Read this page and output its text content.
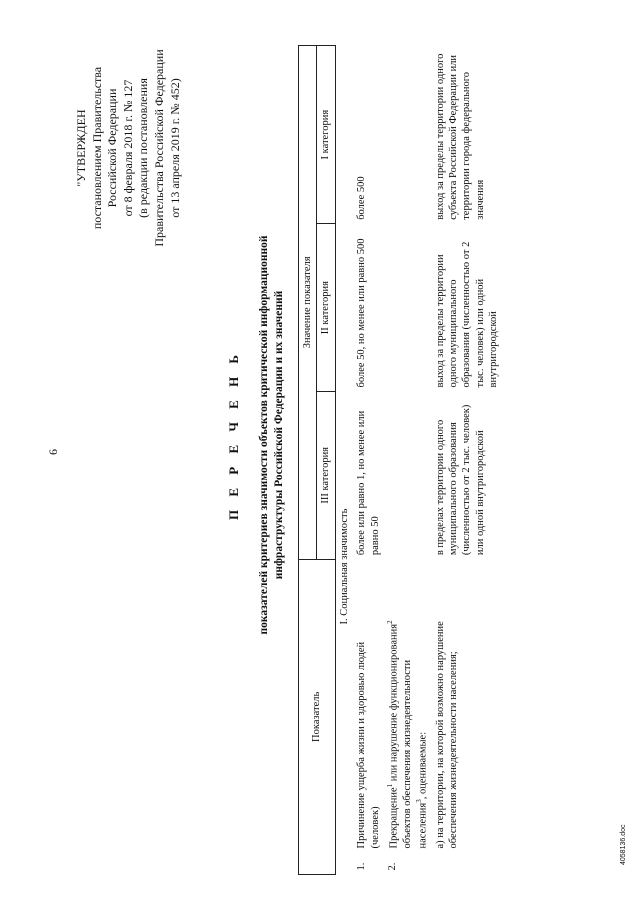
6
"УТВЕРЖДЕН постановлением Правительства Российской Федерации от 8 февраля 2018 г. № 127 (в редакции постановления Правительства Российской Федерации от 13 апреля 2019 г. № 452)
П Е Р Е Ч Е Н Ь показателей критериев значимости объектов критической информационной инфраструктуры Российской Федерации и их значений
Показатель	Значение показателя		
	III категория	II категория	I категория
I. Социальная значимость			
1.Причинение ущерба жизни и здоровью людей (человек)	более или равно 1, но менее или равно 50	более 50, но менее или равно 500	более 500
2.Прекращение$^1$ или нарушение функционирования$^2$ объектов обеспечения жизнедеятельности населения$^3$, оцениваемые:			
а) на территории, на которой возможно нарушение обеспечения жизнедеятельности населения;	в пределах территории одного муниципального образования (численностью от 2 тыс. человек) или одной внутригородской	выход за пределы территории одного муниципального образования (численностью от 2 тыс. человек) или одной внутригородской	выход за пределы территории одного субъекта Российской Федерации или территории города федерального значения
4058136.doc
